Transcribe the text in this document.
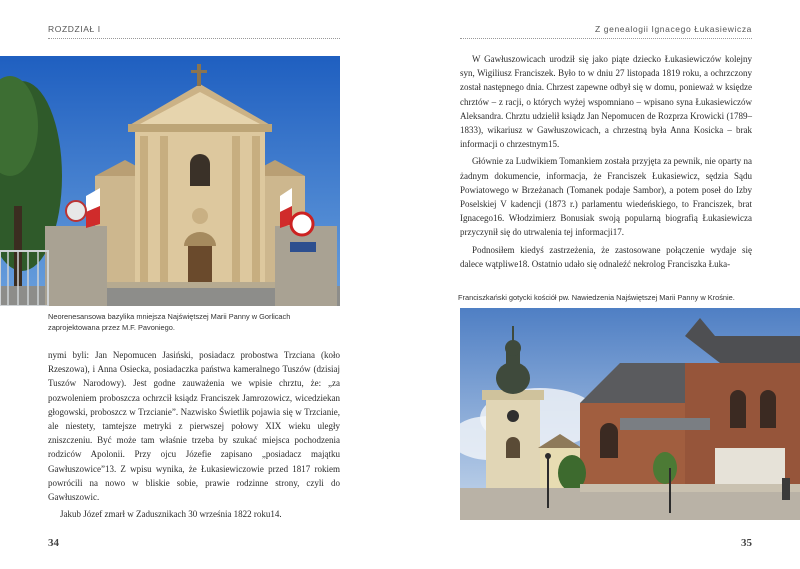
ROZDZIAŁ I
Neorenesansowa bazylika mniejsza Najświętszej Marii Panny w Gorlicach
zaprojektowana przez M.F. Pavoniego.

nymi byli: Jan Nepomucen Jasiński, posiadacz probostwa Trzciana (koło Rzeszowa), i Anna Osiecka, posiadaczka państwa kameralnego Tuszów (dzisiaj Tuszów Narodowy). Jest godne zauważenia we wpisie chrztu, że: „za pozwoleniem proboszcza ochrzcił ksiądz Franciszek Jamrozowicz, wicedziekan głogowski, proboszcz w Trzcianie”. Nazwisko Świetlik pojawia się w Trzcianie, ale niestety, tamtejsze metryki z pierwszej połowy XIX wieku uległy zniszczeniu. Być może tam właśnie trzeba by szukać miejsca pochodzenia rodziców Apolonii. Przy ojcu Józefie zapisano „posiadacz majątku Gawłuszowice”13. Z wpisu wynika, że Łukasiewiczowie przed 1817 rokiem powrócili na nowo w bliskie sobie, prawie rodzinne strony, czyli do Gawłuszowic.

Jakub Józef zmarł w Zadusznikach 30 września 1822 roku14.

34
Z genealogii Ignacego Łukasiewicza

W Gawłuszowicach urodził się jako piąte dziecko Łukasiewiczów kolejny syn, Wigiliusz Franciszek. Było to w dniu 27 listopada 1819 roku, a ochrzczony został następnego dnia. Chrzest zapewne odbył się w domu, ponieważ w księdze chrztów – z racji, o których wyżej wspomniano – wpisano syna Łukasiewiczów Aleksandra. Chrztu udzielił ksiądz Jan Nepomucen de Rozprza Krowicki (1789–1833), wikariusz w Gawłuszowicach, a chrzestną była Anna Kosicka – brak informacji o chrzestnym15.

Głównie za Ludwikiem Tomankiem została przyjęta za pewnik, nie oparty na żadnym dokumencie, informacja, że Franciszek Łukasiewicz, sędzia Sądu Powiatowego w Brzeżanach (Tomanek podaje Sambor), a potem poseł do Izby Poselskiej V kadencji (1873 r.) parlamentu wiedeńskiego, to Franciszek, brat Ignacego16. Włodzimierz Bonusiak swoją popularną biografią Łukasiewicza przyczynił się do utrwalenia tej informacji17.

Podnosiłem kiedyś zastrzeżenia, że zastosowane połączenie wydaje się dalece wątpliwe18. Ostatnio udało się odnaleźć nekrolog Franciszka Łuka-

Franciszkański gotycki kościół pw. Nawiedzenia Najświętszej Marii Panny w Krośnie.
35
